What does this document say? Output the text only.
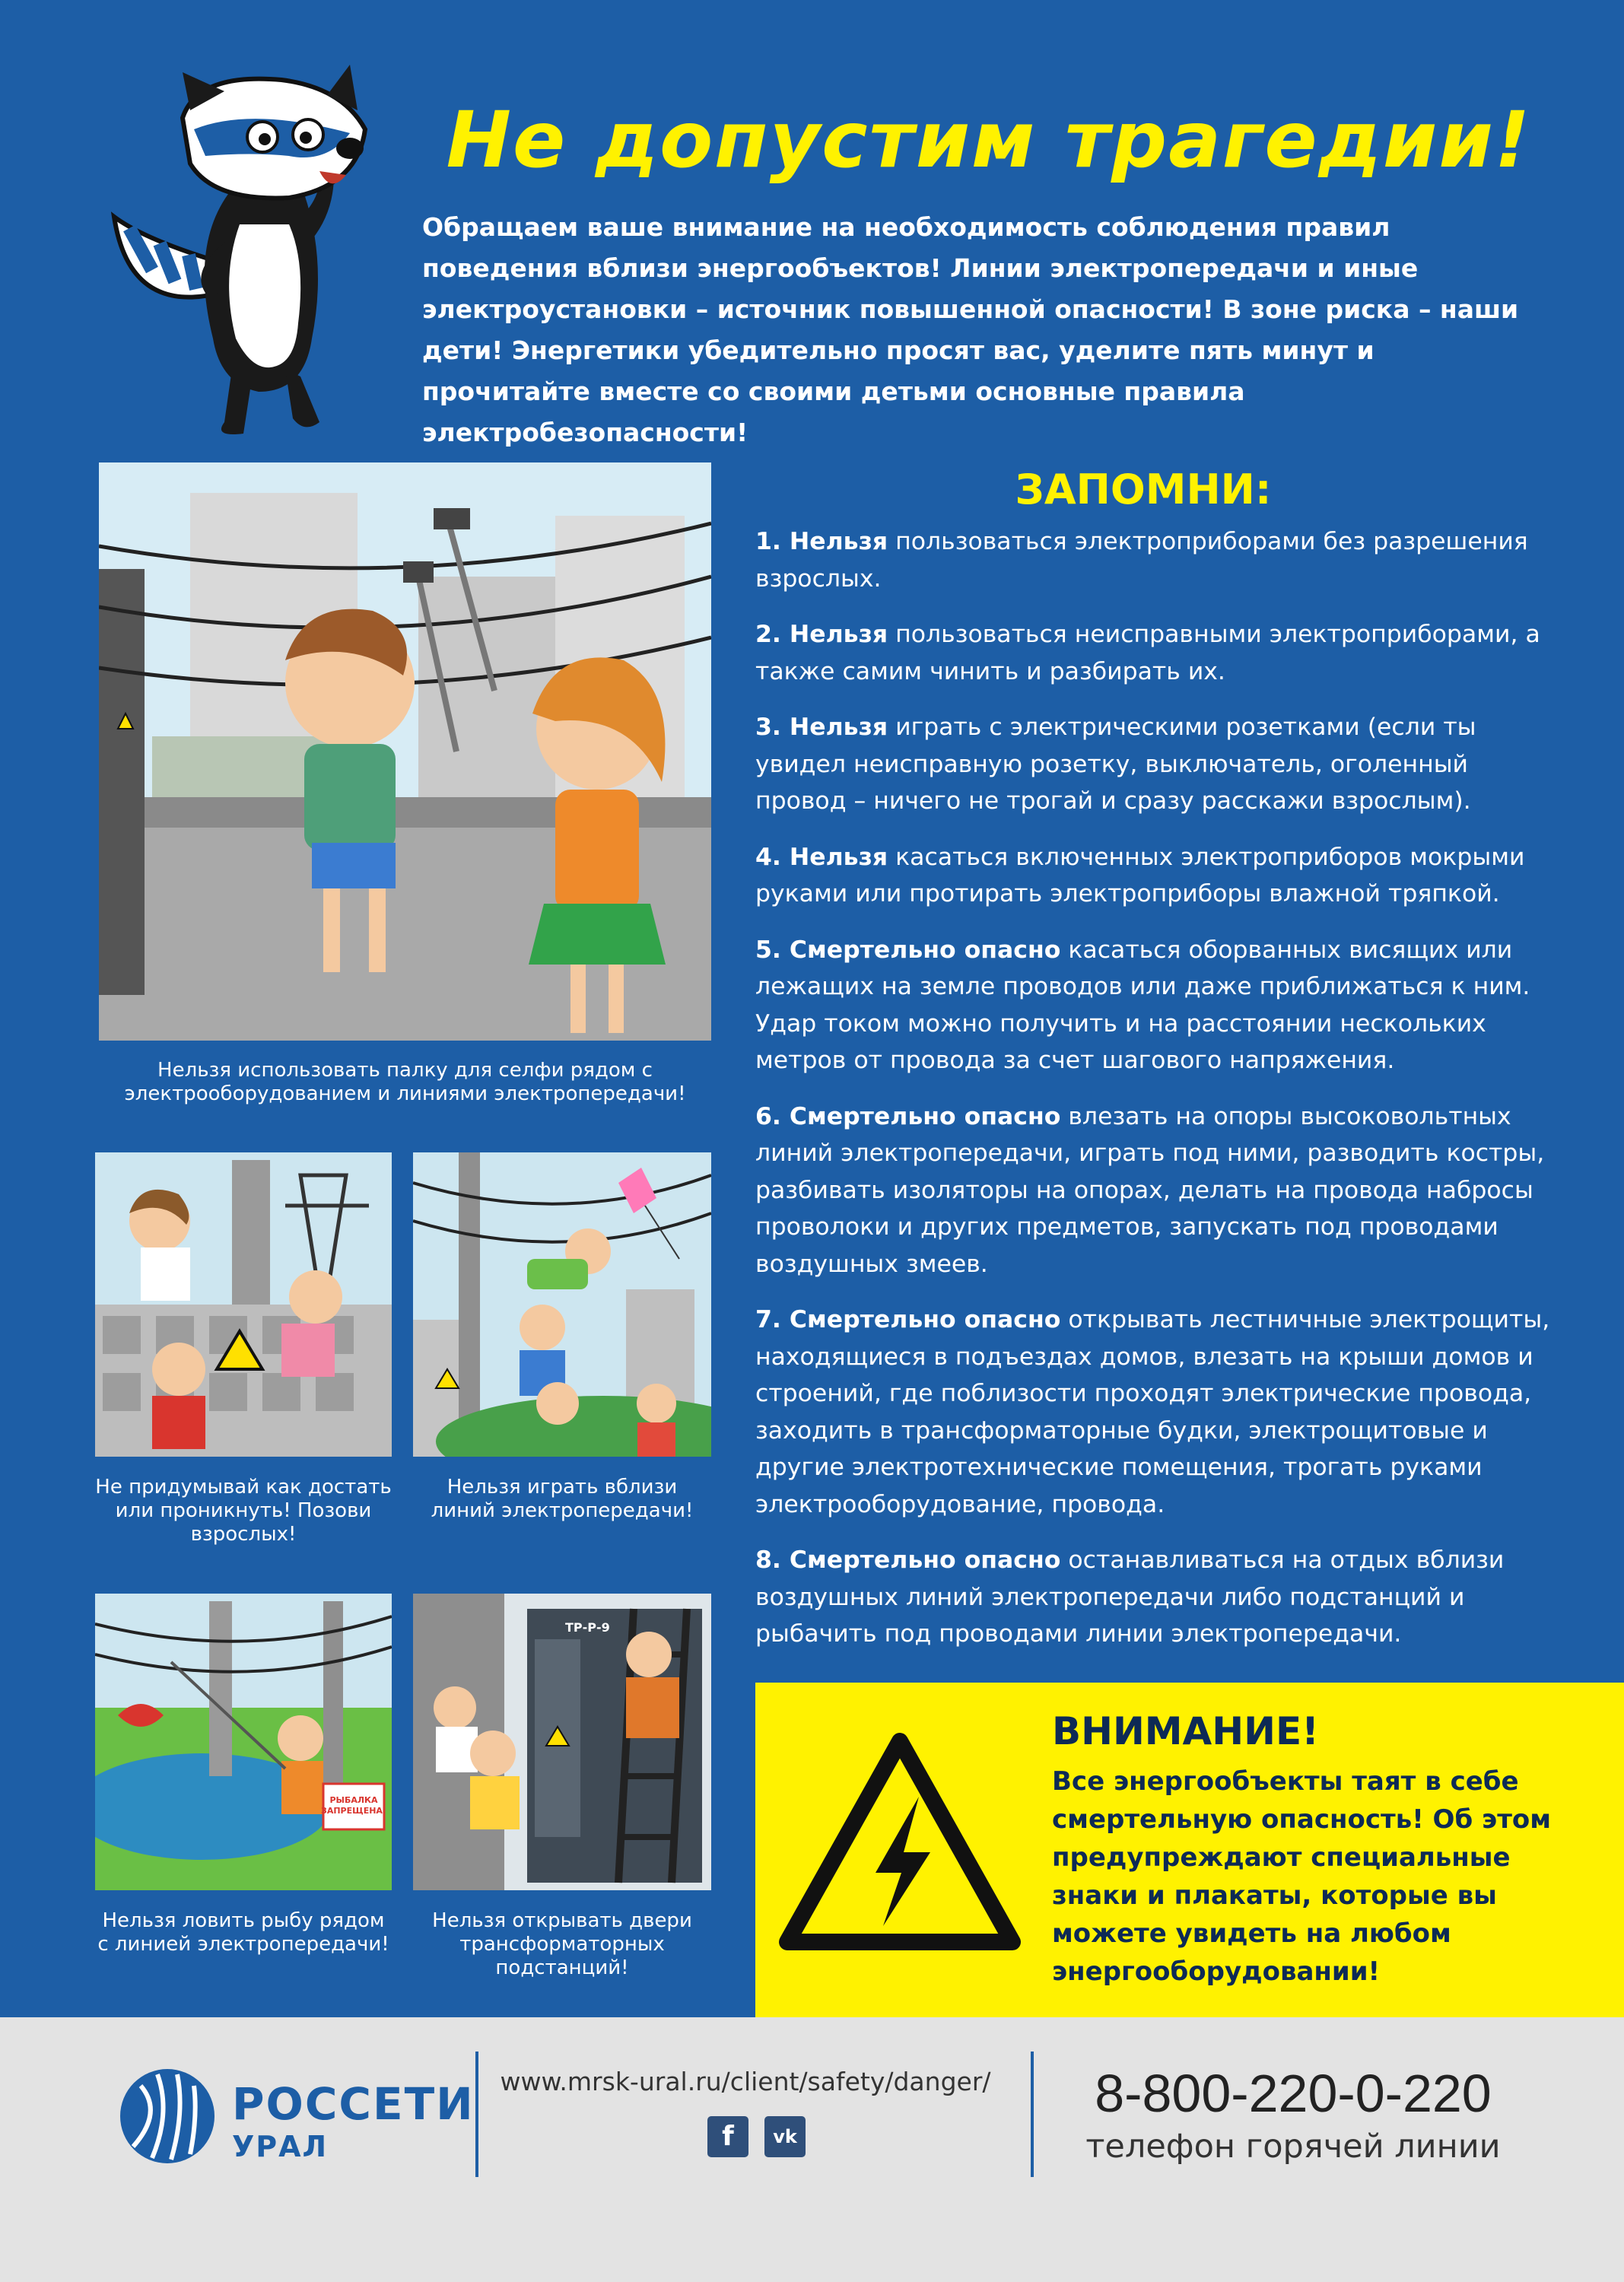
Не допустим трагедии!

Обращаем ваше внимание на необходимость соблюдения правил поведения вблизи энергообъектов! Линии электропередачи и иные электроустановки – источник повышенной опасности! В зоне риска – наши дети! Энергетики убедительно просят вас, уделите пять минут и прочитайте вместе со своими детьми основные правила электробезопасности!

Нельзя использовать палку для селфи рядом с электрооборудованием и линиями электропередачи!

Не придумывай как достать или проникнуть! Позови взрослых!

Нельзя играть вблизи линий электропередачи!

РЫБАЛКА ЗАПРЕЩЕНА!

Нельзя ловить рыбу рядом с линией электропередачи!

ТР-Р-9

Нельзя открывать двери трансформаторных подстанций!

ЗАПОМНИ:
1. Нельзя пользоваться электроприборами без разрешения взрослых.
2. Нельзя пользоваться неисправными электроприборами, а также самим чинить и разбирать их.
3. Нельзя играть с электрическими розетками (если ты увидел неисправную розетку, выключатель, оголенный провод – ничего не трогай и сразу расскажи взрослым).
4. Нельзя касаться включенных электроприборов мокрыми руками или протирать электроприборы влажной тряпкой.
5. Смертельно опасно касаться оборванных висящих или лежащих на земле проводов или даже приближаться к ним. Удар током можно получить и на расстоянии нескольких метров от провода за счет шагового напряжения.
6. Смертельно опасно влезать на опоры высоковольтных линий электропередачи, играть под ними, разводить костры, разбивать изоляторы на опорах, делать на провода набросы проволоки и других предметов, запускать под проводами воздушных змеев.
7. Смертельно опасно открывать лестничные электрощиты, находящиеся в подъездах домов, влезать на крыши домов и строений, где поблизости проходят электрические провода, заходить в трансформаторные будки, электрощитовые и другие электротехнические помещения, трогать руками электрооборудование, провода.
8. Смертельно опасно останавливаться на отдых вблизи воздушных линий электропередачи либо подстанций и рыбачить под проводами линии электропередачи.
ВНИМАНИЕ!

Все энергообъекты таят в себе смертельную опасность! Об этом предупреждают специальные знаки и плакаты, которые вы можете увидеть на любом энергооборудовании!

РОССЕТИ

УРАЛ

www.mrsk-ural.ru/client/safety/danger/

f	vk

8-800-220-0-220

телефон горячей линии
